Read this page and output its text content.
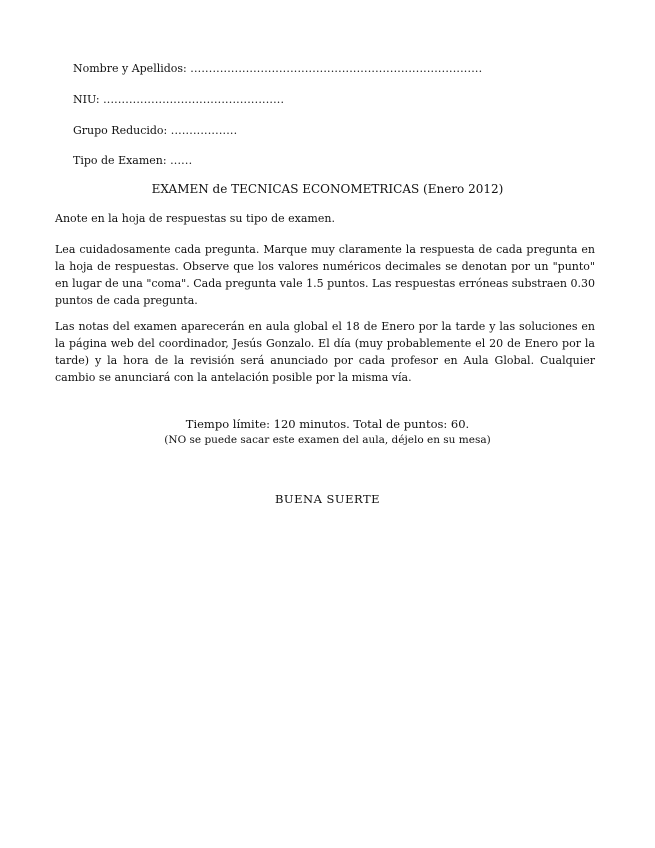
Nombre y Apellidos: ...............................................................................
NIU: .................................................
Grupo Reducido: ..................
Tipo de Examen: ......
EXAMEN de TECNICAS ECONOMETRICAS (Enero 2012)

Anote en la hoja de respuestas su tipo de examen.

Lea cuidadosamente cada pregunta. Marque muy claramente la respuesta de cada pregunta en la hoja de respuestas. Observe que los valores numéricos decimales se denotan por un "punto" en lugar de una "coma". Cada pregunta vale 1.5 puntos. Las respuestas erróneas substraen 0.30 puntos de cada pregunta.

Las notas del examen aparecerán en aula global el 18 de Enero por la tarde y las soluciones en la página web del coordinador, Jesús Gonzalo. El día (muy probablemente el 20 de Enero por la tarde) y la hora de la revisión será anunciado por cada profesor en Aula Global. Cualquier cambio se anunciará con la antelación posible por la misma vía.

Tiempo límite: 120 minutos. Total de puntos: 60.
(NO se puede sacar este examen del aula, déjelo en su mesa)
BUENA SUERTE
